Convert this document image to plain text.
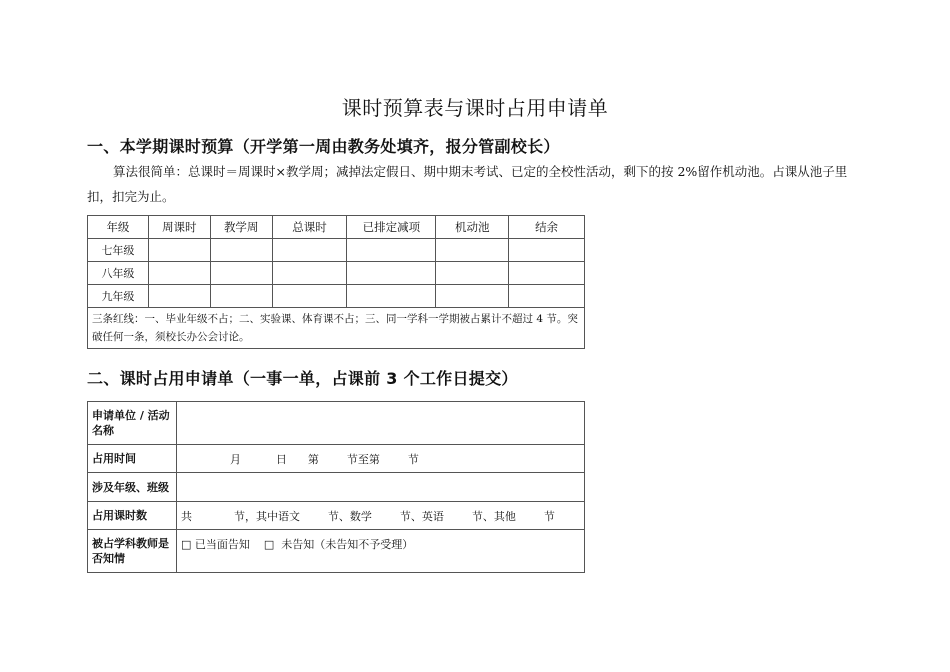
课时预算表与课时占用申请单
一、本学期课时预算（开学第一周由教务处填齐，报分管副校长）
算法很简单：总课时＝周课时×教学周；减掉法定假日、期中期末考试、已定的全校性活动，剩下的按 2%留作机动池。占课从池子里扣，扣完为止。
年级	周课时	教学周	总课时	已排定减项	机动池	结余
七年级						
八年级						
九年级						
三条红线：一、毕业年级不占；二、实验课、体育课不占；三、同一学科一学期被占累计不超过 4 节。突破任何一条，须校长办公会讨论。						
二、课时占用申请单（一事一单，占课前 3 个工作日提交）
申请单位 / 活动名称	
占用时间	月          日      第        节至第        节
涉及年级、班级	
占用课时数	共            节，其中语文        节、数学        节、英语        节、其他        节
被占学科教师是否知情	□ 已当面告知    □  未告知（未告知不予受理）
